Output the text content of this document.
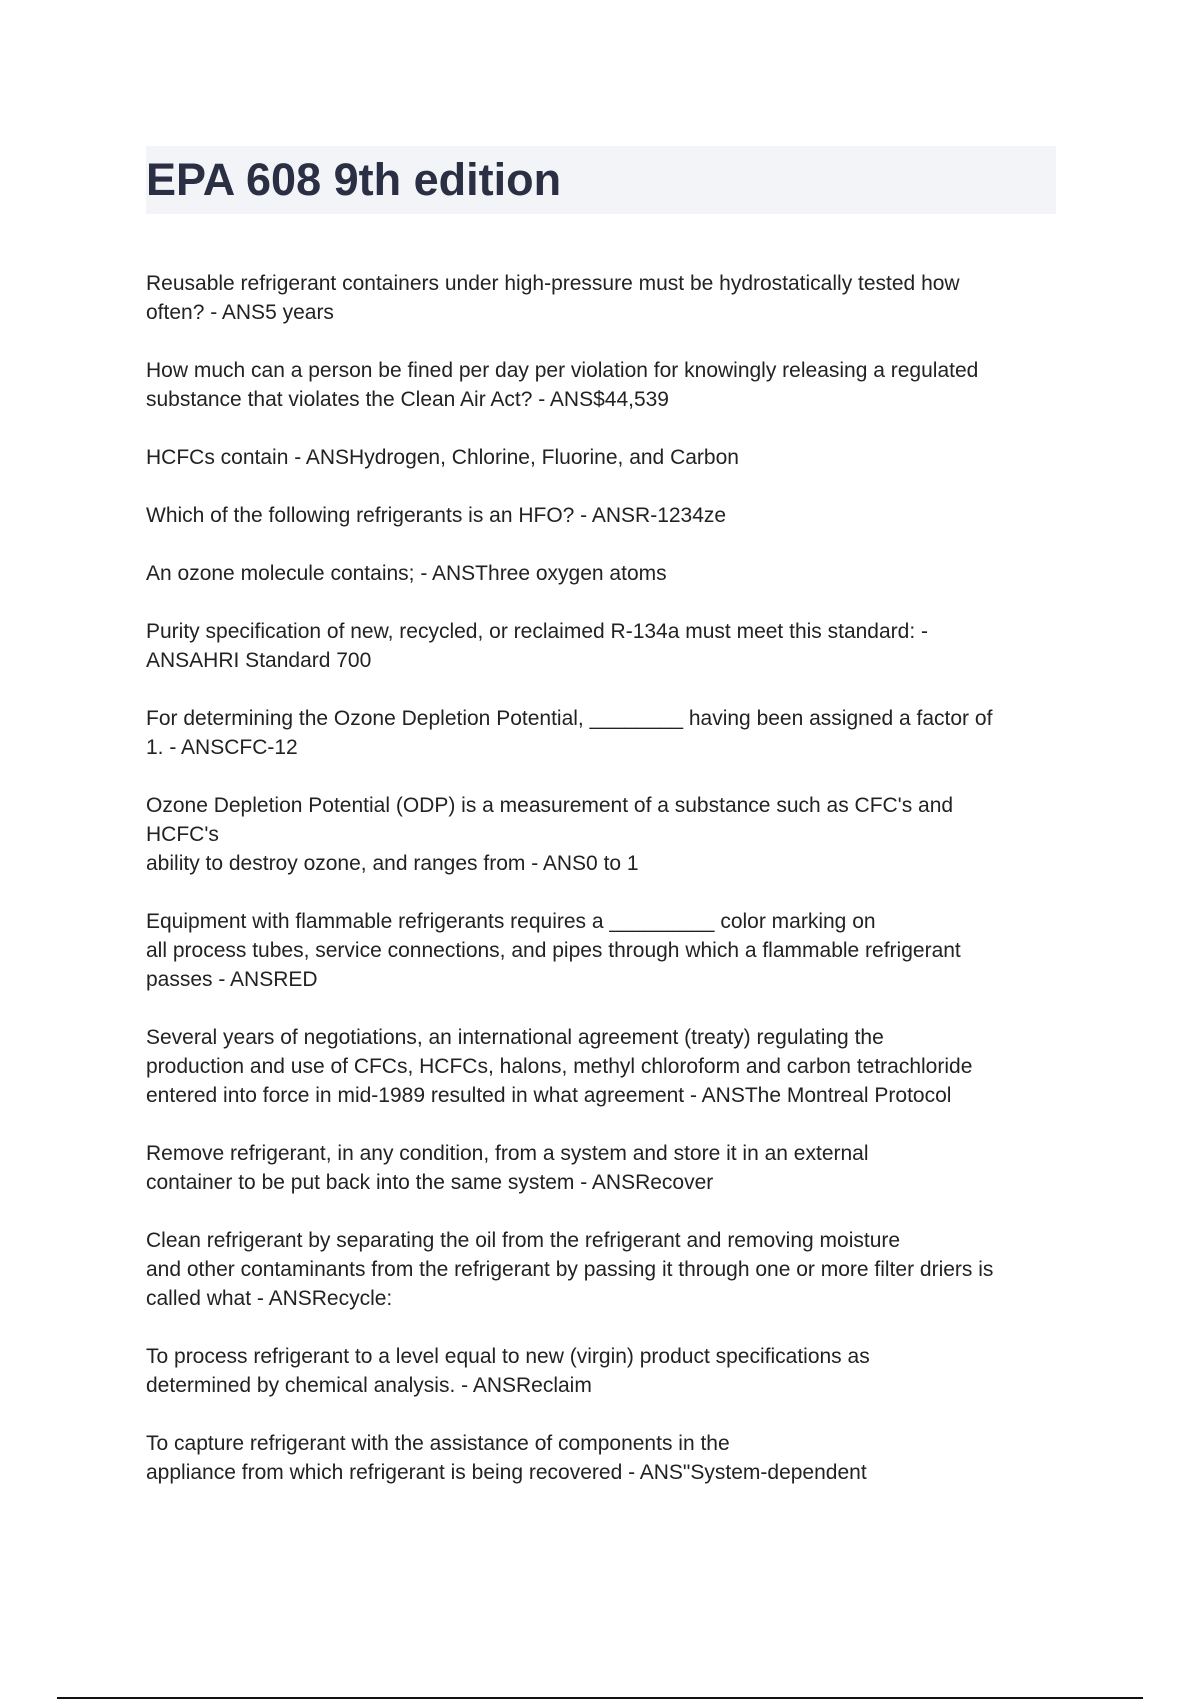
EPA 608 9th edition

Reusable refrigerant containers under high-pressure must be hydrostatically tested how
often? - ANS5 years

How much can a person be fined per day per violation for knowingly releasing a regulated
substance that violates the Clean Air Act? - ANS$44,539

HCFCs contain - ANSHydrogen, Chlorine, Fluorine, and Carbon

Which of the following refrigerants is an HFO? - ANSR-1234ze

An ozone molecule contains; - ANSThree oxygen atoms

Purity specification of new, recycled, or reclaimed R-134a must meet this standard: -
ANSAHRI Standard 700

For determining the Ozone Depletion Potential, ________ having been assigned a factor of
1. - ANSCFC-12

Ozone Depletion Potential (ODP) is a measurement of a substance such as CFC's and
HCFC's
ability to destroy ozone, and ranges from - ANS0 to 1

Equipment with flammable refrigerants requires a _________ color marking on
all process tubes, service connections, and pipes through which a flammable refrigerant
passes - ANSRED

Several years of negotiations, an international agreement (treaty) regulating the
production and use of CFCs, HCFCs, halons, methyl chloroform and carbon tetrachloride
entered into force in mid-1989 resulted in what agreement - ANSThe Montreal Protocol

Remove refrigerant, in any condition, from a system and store it in an external
container to be put back into the same system - ANSRecover

Clean refrigerant by separating the oil from the refrigerant and removing moisture
and other contaminants from the refrigerant by passing it through one or more filter driers is
called what - ANSRecycle:

To process refrigerant to a level equal to new (virgin) product specifications as
determined by chemical analysis. - ANSReclaim

To capture refrigerant with the assistance of components in the
appliance from which refrigerant is being recovered - ANS"System-dependent
